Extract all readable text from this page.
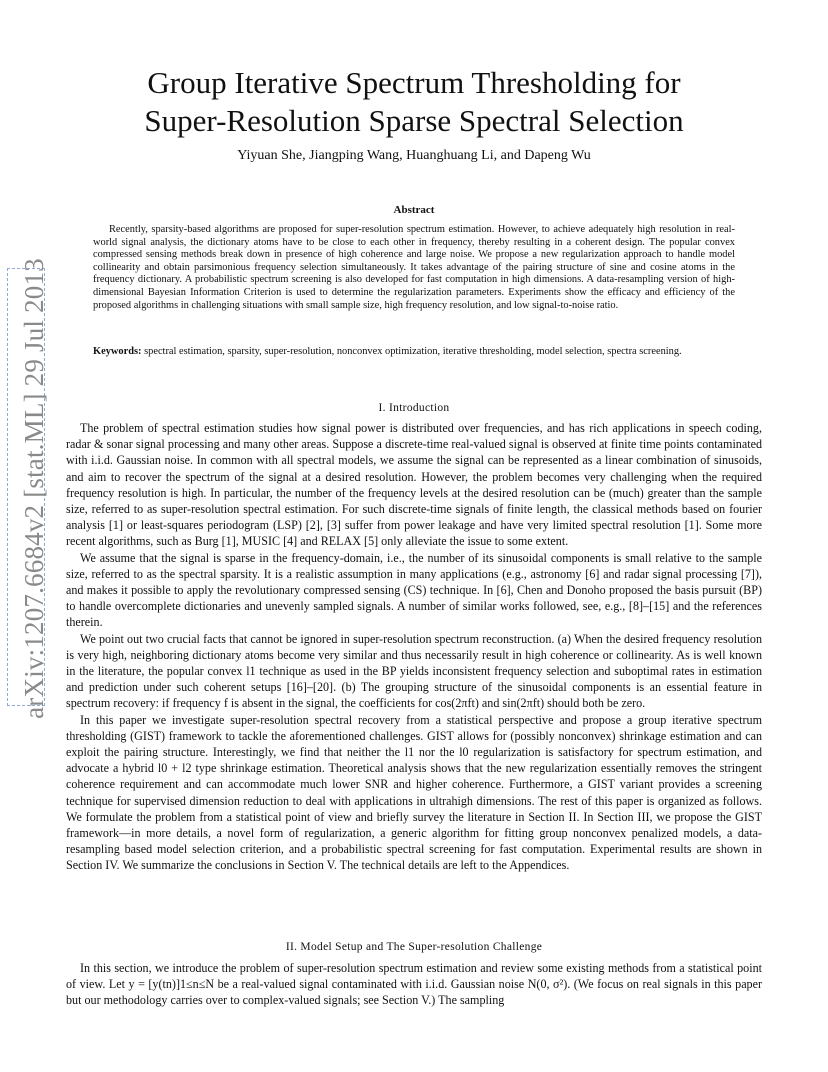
arXiv:1207.6684v2 [stat.ML] 29 Jul 2013
Group Iterative Spectrum Thresholding for
Super-Resolution Sparse Spectral Selection
Yiyuan She, Jiangping Wang, Huanghuang Li, and Dapeng Wu
Abstract
Recently, sparsity-based algorithms are proposed for super-resolution spectrum estimation. However, to achieve adequately high resolution in real-world signal analysis, the dictionary atoms have to be close to each other in frequency, thereby resulting in a coherent design. The popular convex compressed sensing methods break down in presence of high coherence and large noise. We propose a new regularization approach to handle model collinearity and obtain parsimonious frequency selection simultaneously. It takes advantage of the pairing structure of sine and cosine atoms in the frequency dictionary. A probabilistic spectrum screening is also developed for fast computation in high dimensions. A data-resampling version of high-dimensional Bayesian Information Criterion is used to determine the regularization parameters. Experiments show the efficacy and efficiency of the proposed algorithms in challenging situations with small sample size, high frequency resolution, and low signal-to-noise ratio.
Keywords: spectral estimation, sparsity, super-resolution, nonconvex optimization, iterative thresholding, model selection, spectra screening.
I. Introduction

The problem of spectral estimation studies how signal power is distributed over frequencies, and has rich applications in speech coding, radar & sonar signal processing and many other areas. Suppose a discrete-time real-valued signal is observed at finite time points contaminated with i.i.d. Gaussian noise. In common with all spectral models, we assume the signal can be represented as a linear combination of sinusoids, and aim to recover the spectrum of the signal at a desired resolution. However, the problem becomes very challenging when the required frequency resolution is high. In particular, the number of the frequency levels at the desired resolution can be (much) greater than the sample size, referred to as super-resolution spectral estimation. For such discrete-time signals of finite length, the classical methods based on fourier analysis [1] or least-squares periodogram (LSP) [2], [3] suffer from power leakage and have very limited spectral resolution [1]. Some more recent algorithms, such as Burg [1], MUSIC [4] and RELAX [5] only alleviate the issue to some extent.

We assume that the signal is sparse in the frequency-domain, i.e., the number of its sinusoidal components is small relative to the sample size, referred to as the spectral sparsity. It is a realistic assumption in many applications (e.g., astronomy [6] and radar signal processing [7]), and makes it possible to apply the revolutionary compressed sensing (CS) technique. In [6], Chen and Donoho proposed the basis pursuit (BP) to handle overcomplete dictionaries and unevenly sampled signals. A number of similar works followed, see, e.g., [8]–[15] and the references therein.

We point out two crucial facts that cannot be ignored in super-resolution spectrum reconstruction. (a) When the desired frequency resolution is very high, neighboring dictionary atoms become very similar and thus necessarily result in high coherence or collinearity. As is well known in the literature, the popular convex l1 technique as used in the BP yields inconsistent frequency selection and suboptimal rates in estimation and prediction under such coherent setups [16]–[20]. (b) The grouping structure of the sinusoidal components is an essential feature in spectrum recovery: if frequency f is absent in the signal, the coefficients for cos(2πft) and sin(2πft) should both be zero.

In this paper we investigate super-resolution spectral recovery from a statistical perspective and propose a group iterative spectrum thresholding (GIST) framework to tackle the aforementioned challenges. GIST allows for (possibly nonconvex) shrinkage estimation and can exploit the pairing structure. Interestingly, we find that neither the l1 nor the l0 regularization is satisfactory for spectrum estimation, and advocate a hybrid l0 + l2 type shrinkage estimation. Theoretical analysis shows that the new regularization essentially removes the stringent coherence requirement and can accommodate much lower SNR and higher coherence. Furthermore, a GIST variant provides a screening technique for supervised dimension reduction to deal with applications in ultrahigh dimensions. The rest of this paper is organized as follows. We formulate the problem from a statistical point of view and briefly survey the literature in Section II. In Section III, we propose the GIST framework—in more details, a novel form of regularization, a generic algorithm for fitting group nonconvex penalized models, a data-resampling based model selection criterion, and a probabilistic spectral screening for fast computation. Experimental results are shown in Section IV. We summarize the conclusions in Section V. The technical details are left to the Appendices.

II. Model Setup and The Super-resolution Challenge

In this section, we introduce the problem of super-resolution spectrum estimation and review some existing methods from a statistical point of view. Let y = [y(tn)]1≤n≤N be a real-valued signal contaminated with i.i.d. Gaussian noise N(0, σ²). (We focus on real signals in this paper but our methodology carries over to complex-valued signals; see Section V.) The sampling
